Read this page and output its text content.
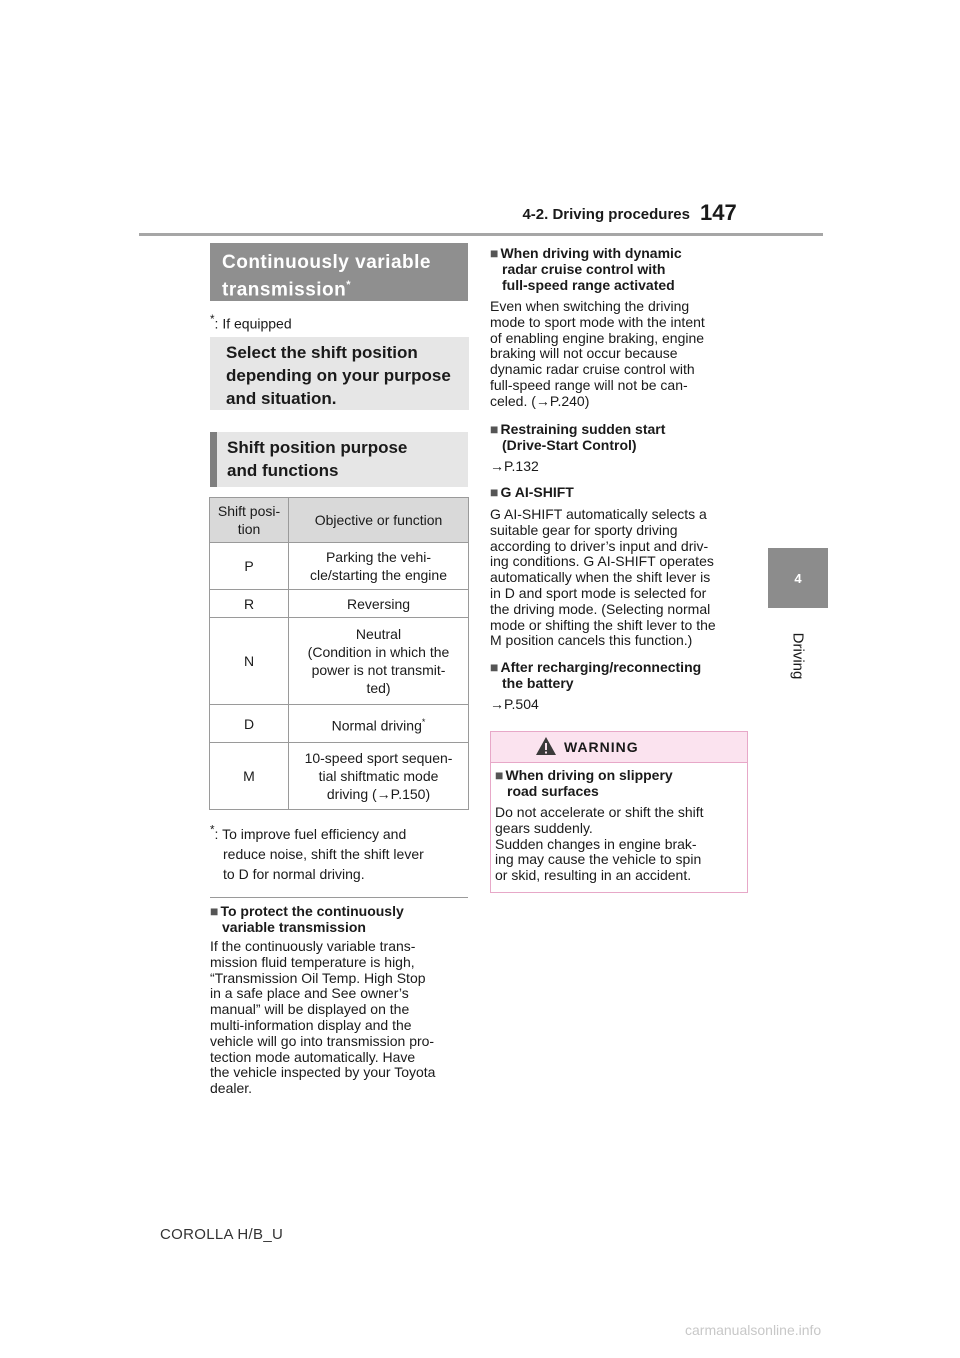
4-2. Driving procedures 147
4
Driving
Continuously variable
transmission*
*: If equipped
Select the shift position
depending on your purpose
and situation.
Shift position purpose
and functions
Shift posi-
tion	Objective or function
P	Parking the vehi-
cle/starting the engine
R	Reversing
N	Neutral
(Condition in which the
power is not transmit-
ted)
D	Normal driving*
M	10-speed sport sequen-
tial shiftmatic mode
driving (→P.150)
*: To improve fuel efficiency and
reduce noise, shift the shift lever
to D for normal driving.
■ To protect the continuously
variable transmission
If the continuously variable trans-
mission fluid temperature is high,
“Transmission Oil Temp. High Stop
in a safe place and See owner’s
manual” will be displayed on the
multi-information display and the
vehicle will go into transmission pro-
tection mode automatically. Have
the vehicle inspected by your Toyota
dealer.
■ When driving with dynamic
radar cruise control with
full-speed range activated
Even when switching the driving
mode to sport mode with the intent
of enabling engine braking, engine
braking will not occur because
dynamic radar cruise control with
full-speed range will not be can-
celed. (→P.240)
■ Restraining sudden start
(Drive-Start Control)
→P.132
■ G AI-SHIFT
G AI-SHIFT automatically selects a
suitable gear for sporty driving
according to driver’s input and driv-
ing conditions. G AI-SHIFT operates
automatically when the shift lever is
in D and sport mode is selected for
the driving mode. (Selecting normal
mode or shifting the shift lever to the
M position cancels this function.)
■ After recharging/reconnecting
the battery
→P.504
WARNING
■ When driving on slippery
road surfaces
Do not accelerate or shift the shift
gears suddenly.
Sudden changes in engine brak-
ing may cause the vehicle to spin
or skid, resulting in an accident.
COROLLA H/B_U
carmanualsonline.info
